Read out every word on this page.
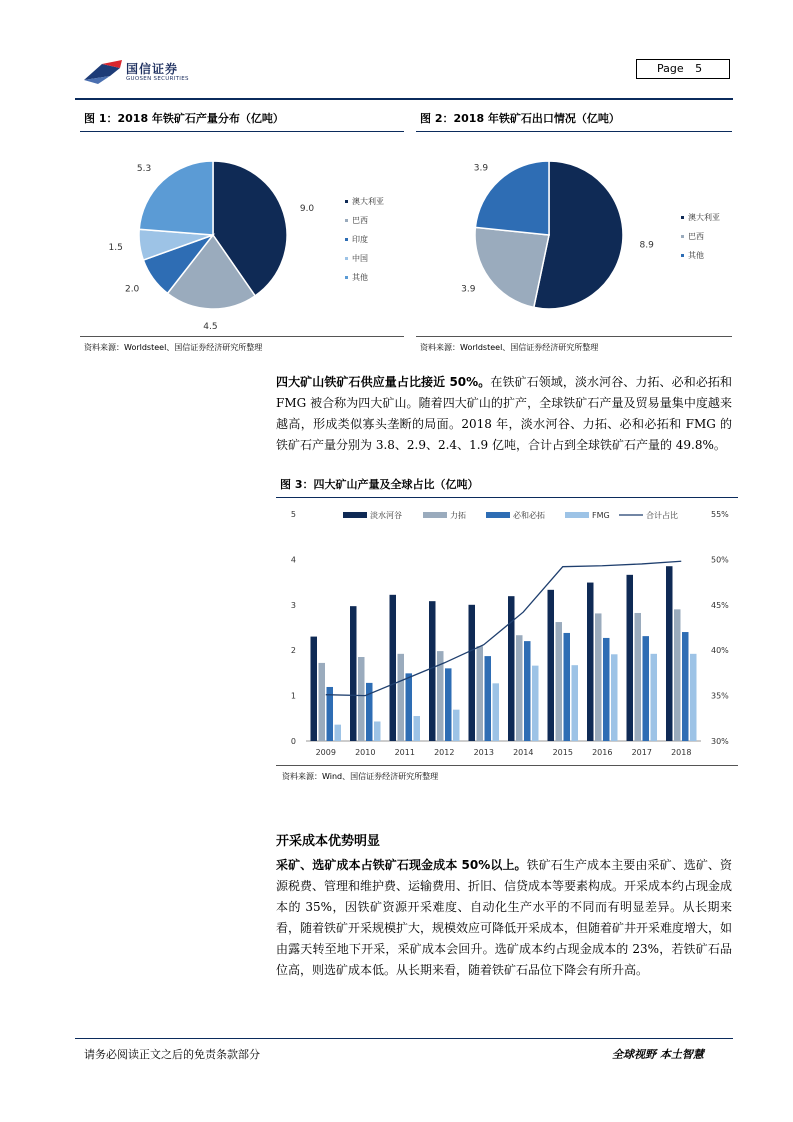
国信证券
GUOSEN SECURITIES
Page 5
图 1：2018 年铁矿石产量分布（亿吨）
9.0
4.5
2.0
1.5
5.3
澳大利亚
巴西
印度
中国
其他
资料来源：Worldsteel、国信证券经济研究所整理
图 2：2018 年铁矿石出口情况（亿吨）
8.9
3.9
3.9
澳大利亚
巴西
其他
资料来源：Worldsteel、国信证券经济研究所整理
四大矿山铁矿石供应量占比接近 50%。在铁矿石领域，淡水河谷、力拓、必和必拓和 FMG 被合称为四大矿山。随着四大矿山的扩产，全球铁矿石产量及贸易量集中度越来越高，形成类似寡头垄断的局面。2018 年，淡水河谷、力拓、必和必拓和 FMG 的铁矿石产量分别为 3.8、2.9、2.4、1.9 亿吨，合计占到全球铁矿石产量的 49.8%。
图 3：四大矿山产量及全球占比（亿吨）
0
1
2
3
4
5
30%
35%
40%
45%
50%
55%
2009 2010 2011 2012 2013 2014 2015 2016 2017 2018
淡水河谷	力拓	必和必拓	FMG	合计占比
资料来源：Wind、国信证券经济研究所整理
开采成本优势明显
采矿、选矿成本占铁矿石现金成本 50%以上。铁矿石生产成本主要由采矿、选矿、资源税费、管理和维护费、运输费用、折旧、信贷成本等要素构成。开采成本约占现金成本的 35%，因铁矿资源开采难度、自动化生产水平的不同而有明显差异。从长期来看，随着铁矿开采规模扩大，规模效应可降低开采成本，但随着矿井开采难度增大，如由露天转至地下开采，采矿成本会回升。选矿成本约占现金成本的 23%，若铁矿石品位高，则选矿成本低。从长期来看，随着铁矿石品位下降会有所升高。
请务必阅读正文之后的免责条款部分	全球视野 本土智慧
